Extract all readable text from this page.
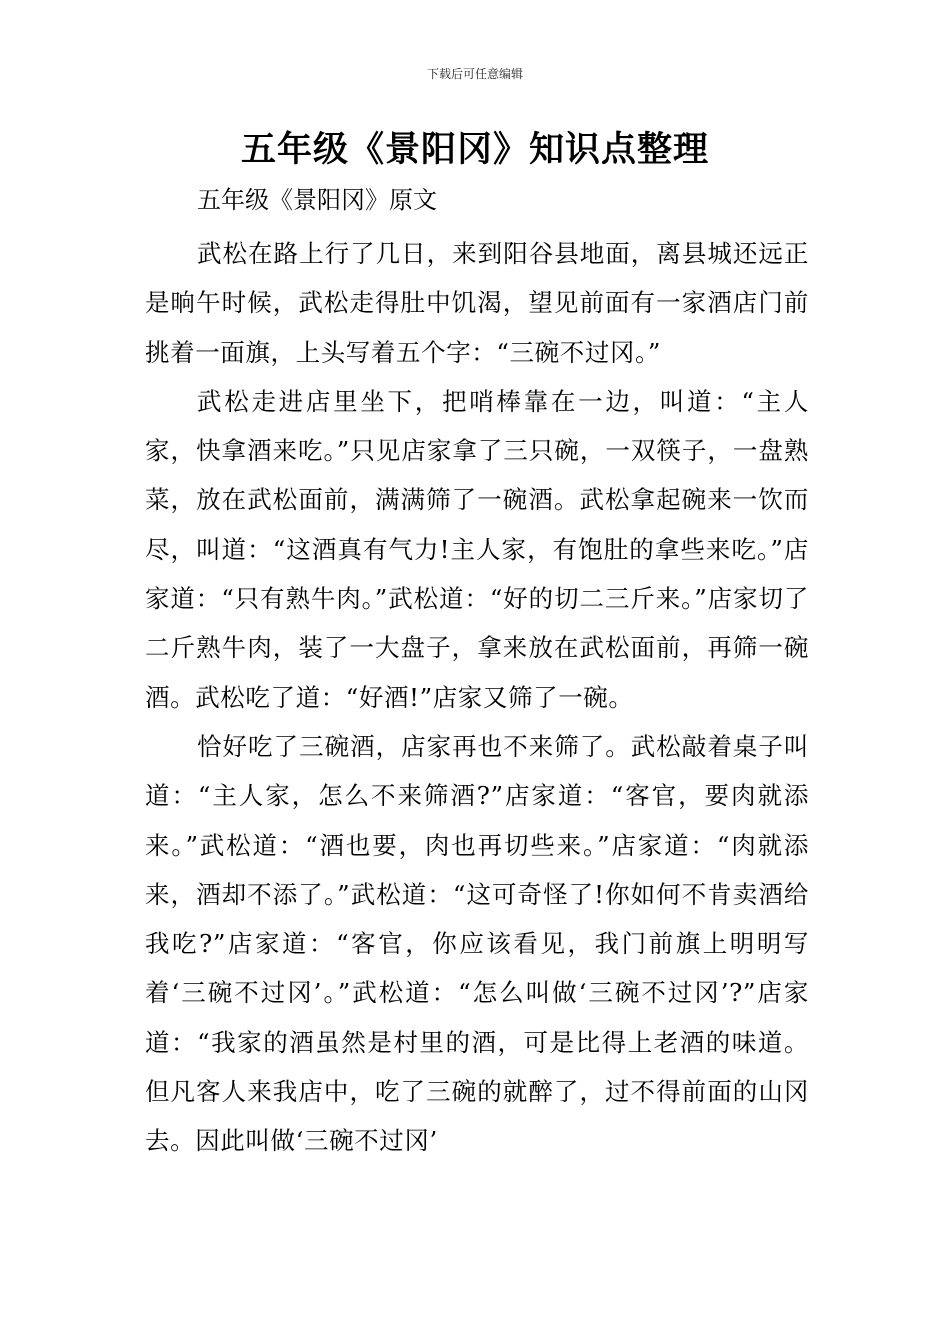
下载后可任意编辑
五年级《景阳冈》知识点整理
五年级《景阳冈》原文

武松在路上行了几日，来到阳谷县地面，离县城还远正是晌午时候，武松走得肚中饥渴，望见前面有一家酒店门前挑着一面旗，上头写着五个字：“三碗不过冈。”

武松走进店里坐下，把哨棒靠在一边，叫道：“主人家，快拿酒来吃。”只见店家拿了三只碗，一双筷子，一盘熟菜，放在武松面前，满满筛了一碗酒。武松拿起碗来一饮而尽，叫道：“这酒真有气力!主人家，有饱肚的拿些来吃。”店家道：“只有熟牛肉。”武松道：“好的切二三斤来。”店家切了二斤熟牛肉，装了一大盘子，拿来放在武松面前，再筛一碗酒。武松吃了道：“好酒!”店家又筛了一碗。

恰好吃了三碗酒，店家再也不来筛了。武松敲着桌子叫道：“主人家，怎么不来筛酒?”店家道：“客官，要肉就添来。”武松道：“酒也要，肉也再切些来。”店家道：“肉就添来，酒却不添了。”武松道：“这可奇怪了!你如何不肯卖酒给我吃?”店家道：“客官，你应该看见，我门前旗上明明写着‘三碗不过冈’。”武松道：“怎么叫做‘三碗不过冈’?”店家道：“我家的酒虽然是村里的酒，可是比得上老酒的味道。但凡客人来我店中，吃了三碗的就醉了，过不得前面的山冈去。因此叫做‘三碗不过冈’
